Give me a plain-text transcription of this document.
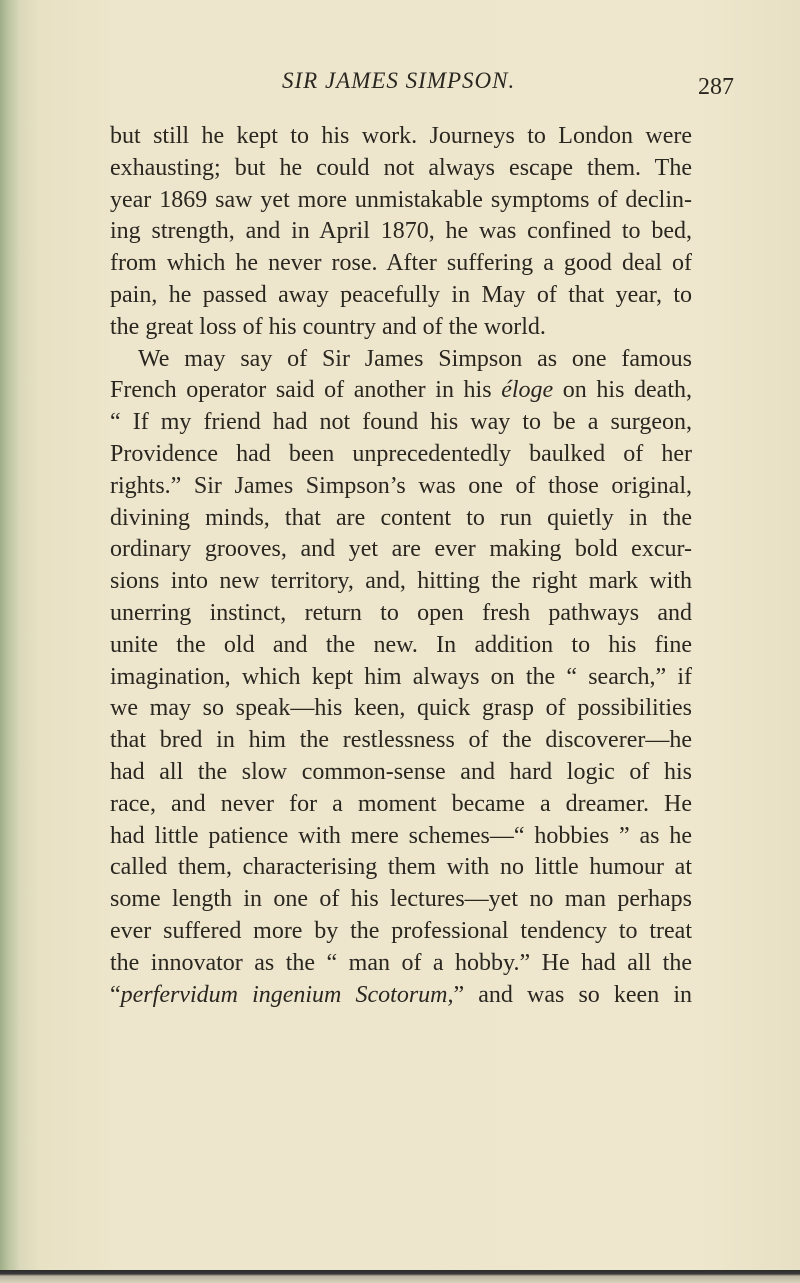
SIR JAMES SIMPSON.	287
but still he kept to his work. Journeys to London were
exhausting; but he could not always escape them. The
year 1869 saw yet more unmistakable symptoms of declin-
ing strength, and in April 1870, he was confined to bed,
from which he never rose. After suffering a good deal of
pain, he passed away peacefully in May of that year, to
the great loss of his country and of the world.
We may say of Sir James Simpson as one famous
French operator said of another in his éloge on his death,
“ If my friend had not found his way to be a surgeon,
Providence had been unprecedentedly baulked of her
rights.” Sir James Simpson’s was one of those original,
divining minds, that are content to run quietly in the
ordinary grooves, and yet are ever making bold excur-
sions into new territory, and, hitting the right mark with
unerring instinct, return to open fresh pathways and
unite the old and the new. In addition to his fine
imagination, which kept him always on the “ search,” if
we may so speak—his keen, quick grasp of possibilities
that bred in him the restlessness of the discoverer—he
had all the slow common-sense and hard logic of his
race, and never for a moment became a dreamer. He
had little patience with mere schemes—“ hobbies ” as he
called them, characterising them with no little humour at
some length in one of his lectures—yet no man perhaps
ever suffered more by the professional tendency to treat
the innovator as the “ man of a hobby.” He had all the
“perfervidum ingenium Scotorum,” and was so keen in
